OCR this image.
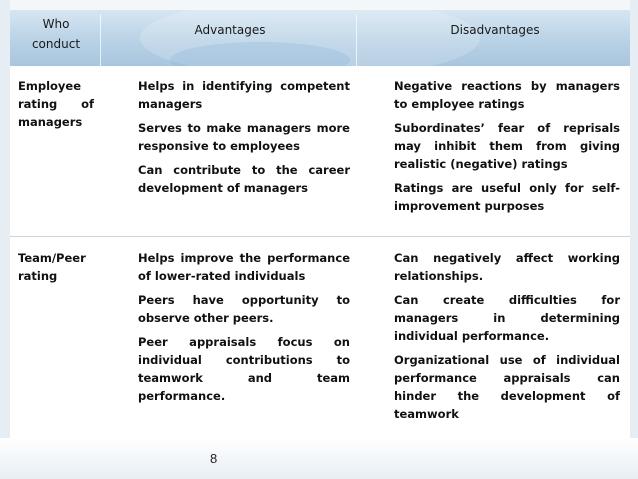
Who conduct
Advantages	Disadvantages

Employee rating of managers

Helps in identifying competent managers

Serves to make managers more responsive to employees

Can contribute to the career development of managers

Negative reactions by managers to employee ratings

Subordinates’ fear of reprisals may inhibit them from giving realistic (negative) ratings

Ratings are useful only for self-improvement purposes

Team/Peer rating

Helps improve the performance of lower-rated individuals

Peers have opportunity to observe other peers.

Peer appraisals focus on individual contributions to teamwork and team performance.

Can negatively affect working relationships.

Can create difficulties for managers in determining individual performance.

Organizational use of individual performance appraisals can hinder the development of teamwork

8
